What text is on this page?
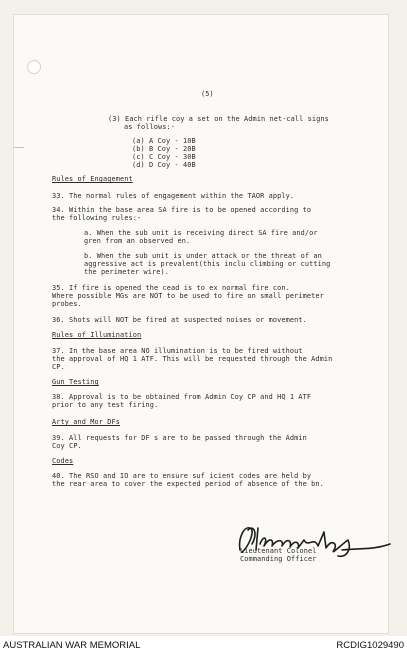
(5)
(3) Each rifle coy a set on the Admin net-call signs
as follows:-
(a) A Coy - 10B
(b) B Coy - 20B
(c) C Coy - 30B
(d) D Coy - 40B
Rules of Engagement
33. The normal rules of engagement within the TAOR apply.
34. Within the base area SA fire is to be opened according to
the following rules:-
a. When the sub unit is receiving direct SA fire and/or
gren from an observed en.
b. When the sub unit is under attack or the threat of an
aggressive act is prevalent(this inclu climbing or cutting
the perimeter wire).
35. If fire is opened the cead is to ex normal fire con.
Where possible MGs are NOT to be used to fire on small perimeter
probes.
36. Shots will NOT be fired at suspected noises or movement.
Rules of Illumination
37. In the base area NO illumination is to be fired without
the approval of HQ 1 ATF. This will be requested through the Admin
CP.
Gun Testing
38. Approval is to be obtained from Admin Coy CP and HQ 1 ATF
prior to any test firing.
Arty and Mor DFs
39. All requests for DF s are to be passed through the Admin
Coy CP.
Codes
40. The RSO and IO are to ensure suf icient codes are held by
the rear area to cover the expected period of absence of the bn.
Lieutenant Colonel
Commanding Officer
AUSTRALIAN WAR MEMORIAL	RCDIG1029490
